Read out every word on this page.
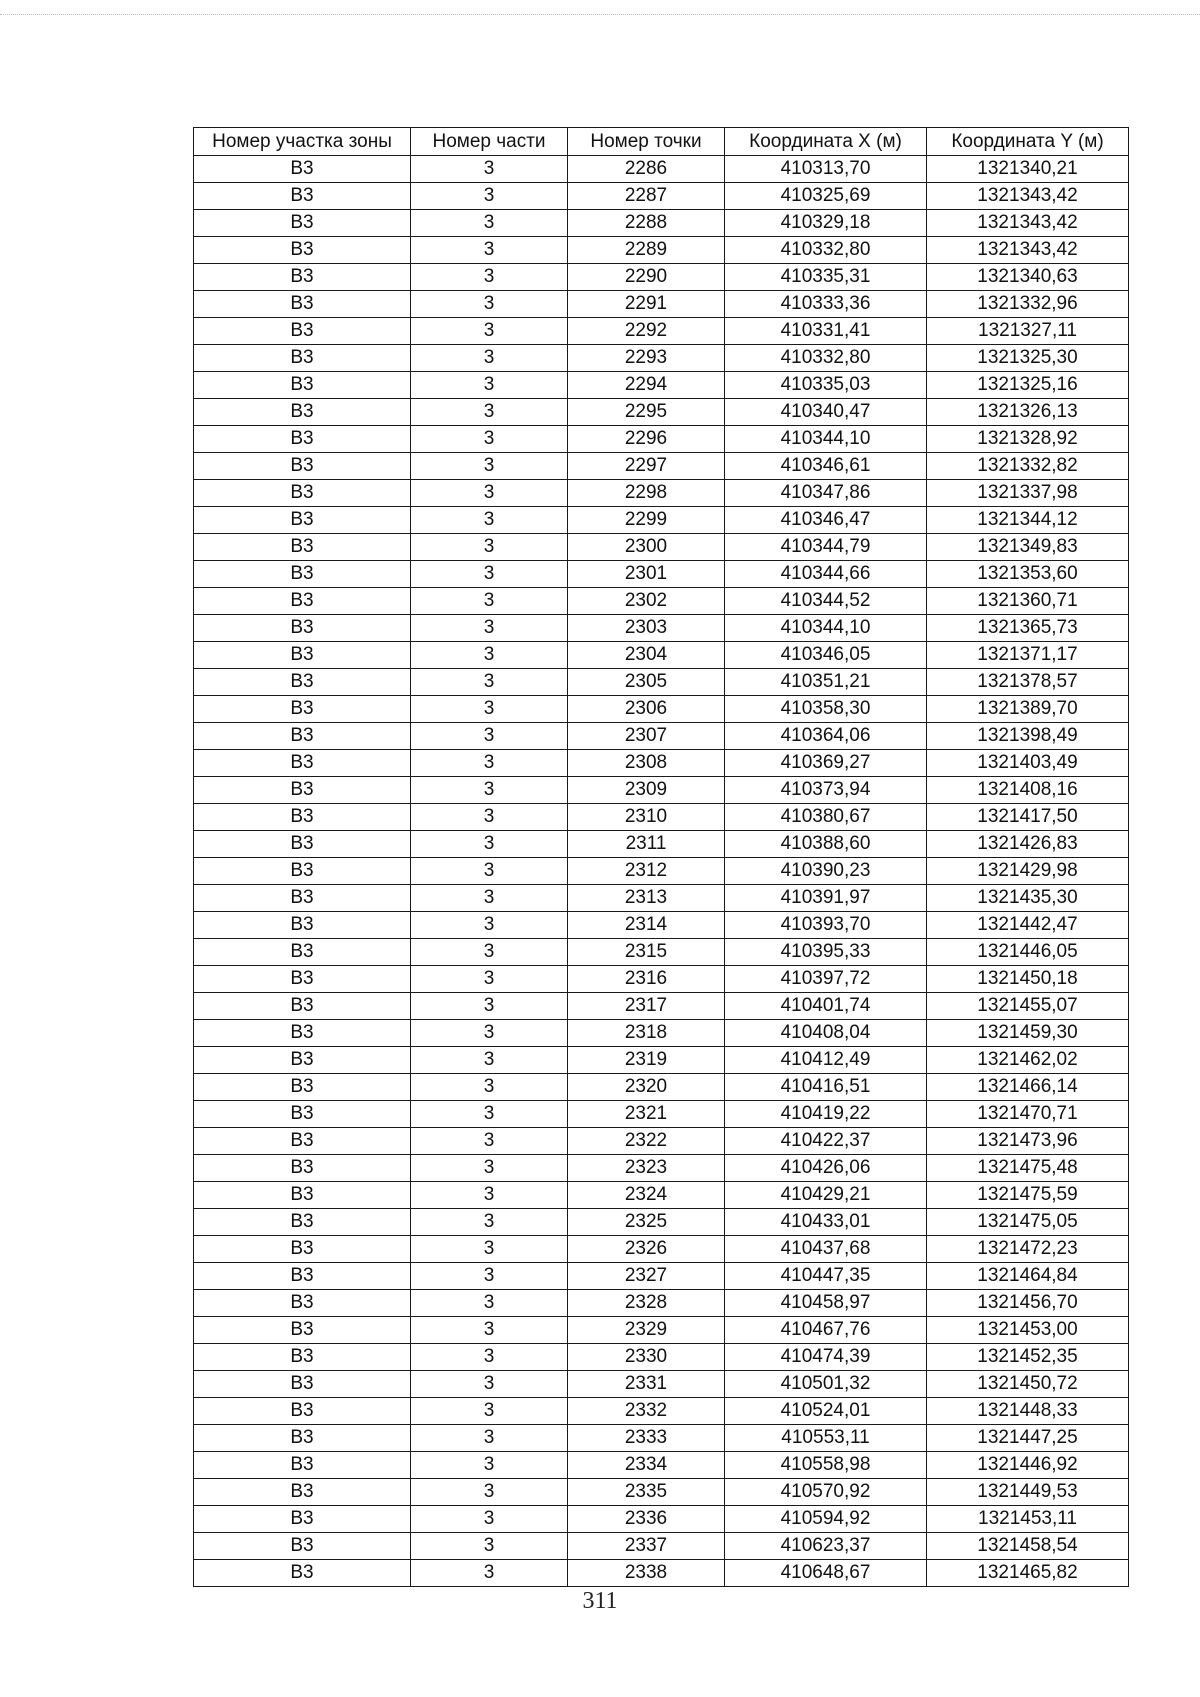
Номер участка зоны	Номер части	Номер точки	Координата X (м)	Координата Y (м)
В3	3	2286	410313,70	1321340,21
В3	3	2287	410325,69	1321343,42
В3	3	2288	410329,18	1321343,42
В3	3	2289	410332,80	1321343,42
В3	3	2290	410335,31	1321340,63
В3	3	2291	410333,36	1321332,96
В3	3	2292	410331,41	1321327,11
В3	3	2293	410332,80	1321325,30
В3	3	2294	410335,03	1321325,16
В3	3	2295	410340,47	1321326,13
В3	3	2296	410344,10	1321328,92
В3	3	2297	410346,61	1321332,82
В3	3	2298	410347,86	1321337,98
В3	3	2299	410346,47	1321344,12
В3	3	2300	410344,79	1321349,83
В3	3	2301	410344,66	1321353,60
В3	3	2302	410344,52	1321360,71
В3	3	2303	410344,10	1321365,73
В3	3	2304	410346,05	1321371,17
В3	3	2305	410351,21	1321378,57
В3	3	2306	410358,30	1321389,70
В3	3	2307	410364,06	1321398,49
В3	3	2308	410369,27	1321403,49
В3	3	2309	410373,94	1321408,16
В3	3	2310	410380,67	1321417,50
В3	3	2311	410388,60	1321426,83
В3	3	2312	410390,23	1321429,98
В3	3	2313	410391,97	1321435,30
В3	3	2314	410393,70	1321442,47
В3	3	2315	410395,33	1321446,05
В3	3	2316	410397,72	1321450,18
В3	3	2317	410401,74	1321455,07
В3	3	2318	410408,04	1321459,30
В3	3	2319	410412,49	1321462,02
В3	3	2320	410416,51	1321466,14
В3	3	2321	410419,22	1321470,71
В3	3	2322	410422,37	1321473,96
В3	3	2323	410426,06	1321475,48
В3	3	2324	410429,21	1321475,59
В3	3	2325	410433,01	1321475,05
В3	3	2326	410437,68	1321472,23
В3	3	2327	410447,35	1321464,84
В3	3	2328	410458,97	1321456,70
В3	3	2329	410467,76	1321453,00
В3	3	2330	410474,39	1321452,35
В3	3	2331	410501,32	1321450,72
В3	3	2332	410524,01	1321448,33
В3	3	2333	410553,11	1321447,25
В3	3	2334	410558,98	1321446,92
В3	3	2335	410570,92	1321449,53
В3	3	2336	410594,92	1321453,11
В3	3	2337	410623,37	1321458,54
В3	3	2338	410648,67	1321465,82
311
